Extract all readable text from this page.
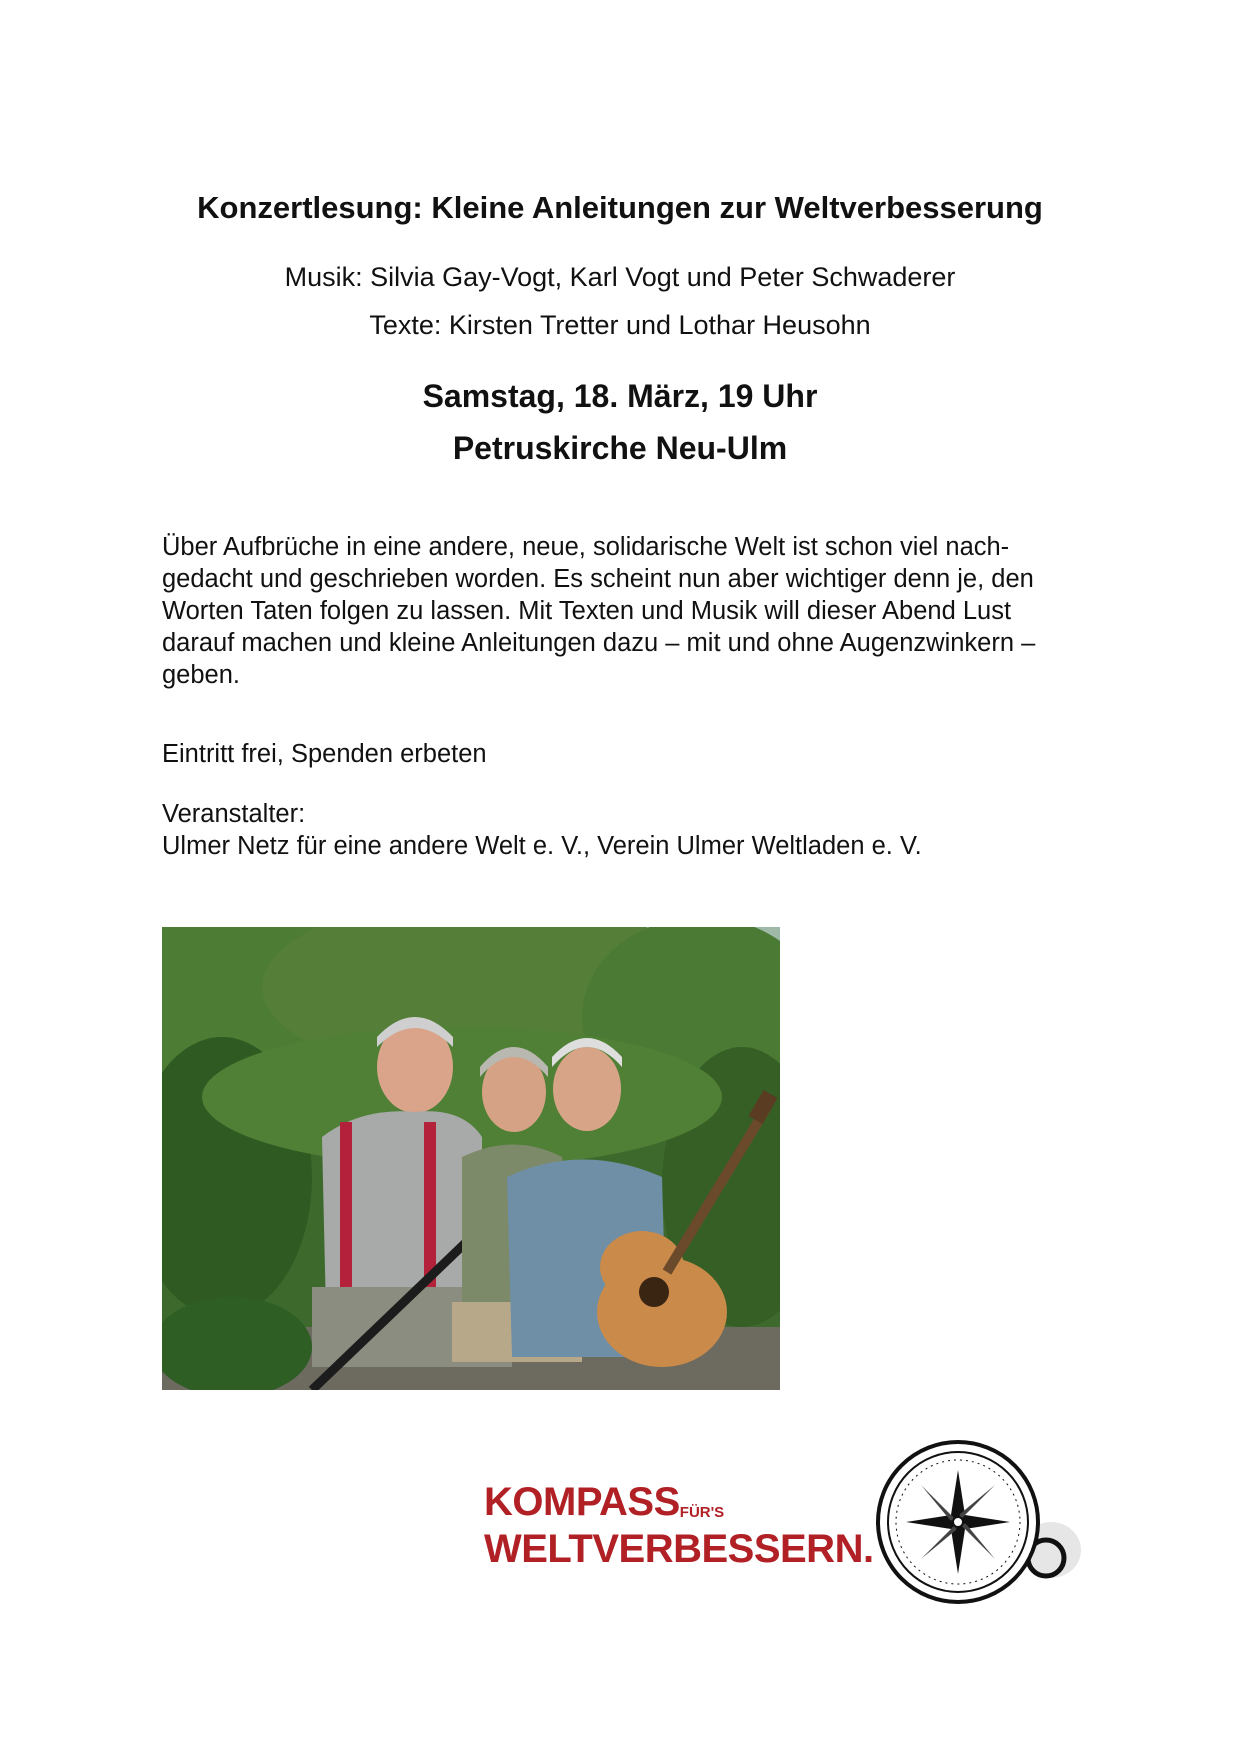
Konzertlesung: Kleine Anleitungen zur Weltverbesserung
Musik: Silvia Gay-Vogt, Karl Vogt und Peter Schwaderer
Texte: Kirsten Tretter und Lothar Heusohn
Samstag, 18. März, 19 Uhr
Petruskirche Neu-Ulm
Über Aufbrüche in eine andere, neue, solidarische Welt ist schon viel nach-gedacht und geschrieben worden. Es scheint nun aber wichtiger denn je, den Worten Taten folgen zu lassen. Mit Texten und Musik will dieser Abend Lust darauf machen und kleine Anleitungen dazu – mit und ohne Augenzwinkern – geben.
Eintritt frei, Spenden erbeten
Veranstalter:
Ulmer Netz für eine andere Welt e. V., Verein Ulmer Weltladen e. V.
KOMPASSFÜR'S
WELTVERBESSERN.
